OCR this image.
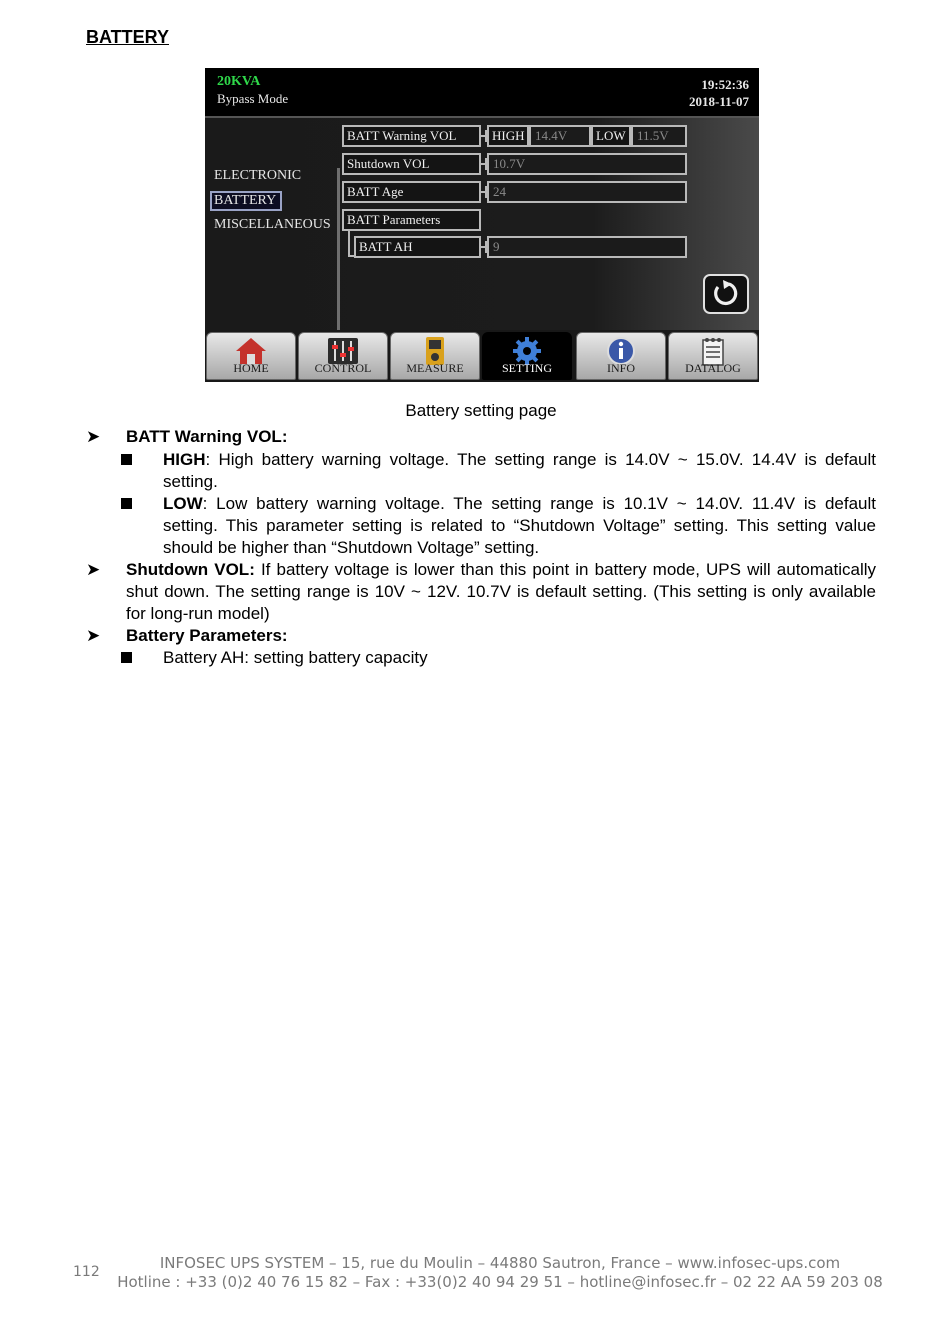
BATTERY
20KVA
Bypass Mode
19:52:36
2018-11-07
ELECTRONIC
BATTERY
MISCELLANEOUS
BATT Warning VOL	HIGH 14.4V	LOW 11.5V
Shutdown VOL	10.7V
BATT Age	24
BATT Parameters
BATT AH	9
HOME	CONTROL	MEASURE	SETTING	INFO	DATALOG
Battery setting page
➤ BATT Warning VOL:
HIGH: High battery warning voltage. The setting range is 14.0V ~ 15.0V. 14.4V is default setting.
LOW: Low battery warning voltage. The setting range is 10.1V ~ 14.0V. 11.4V is default setting. This parameter setting is related to “Shutdown Voltage” setting. This setting value should be higher than “Shutdown Voltage” setting.
➤ Shutdown VOL: If battery voltage is lower than this point in battery mode, UPS will automatically shut down. The setting range is 10V ~ 12V. 10.7V is default setting. (This setting is only available for long-run model)
➤ Battery Parameters:
Battery AH: setting battery capacity
112	INFOSEC UPS SYSTEM – 15, rue du Moulin – 44880 Sautron, France – www.infosec-ups.com
Hotline : +33 (0)2 40 76 15 82 – Fax : +33(0)2 40 94 29 51 – hotline@infosec.fr – 02 22 AA 59 203 08
